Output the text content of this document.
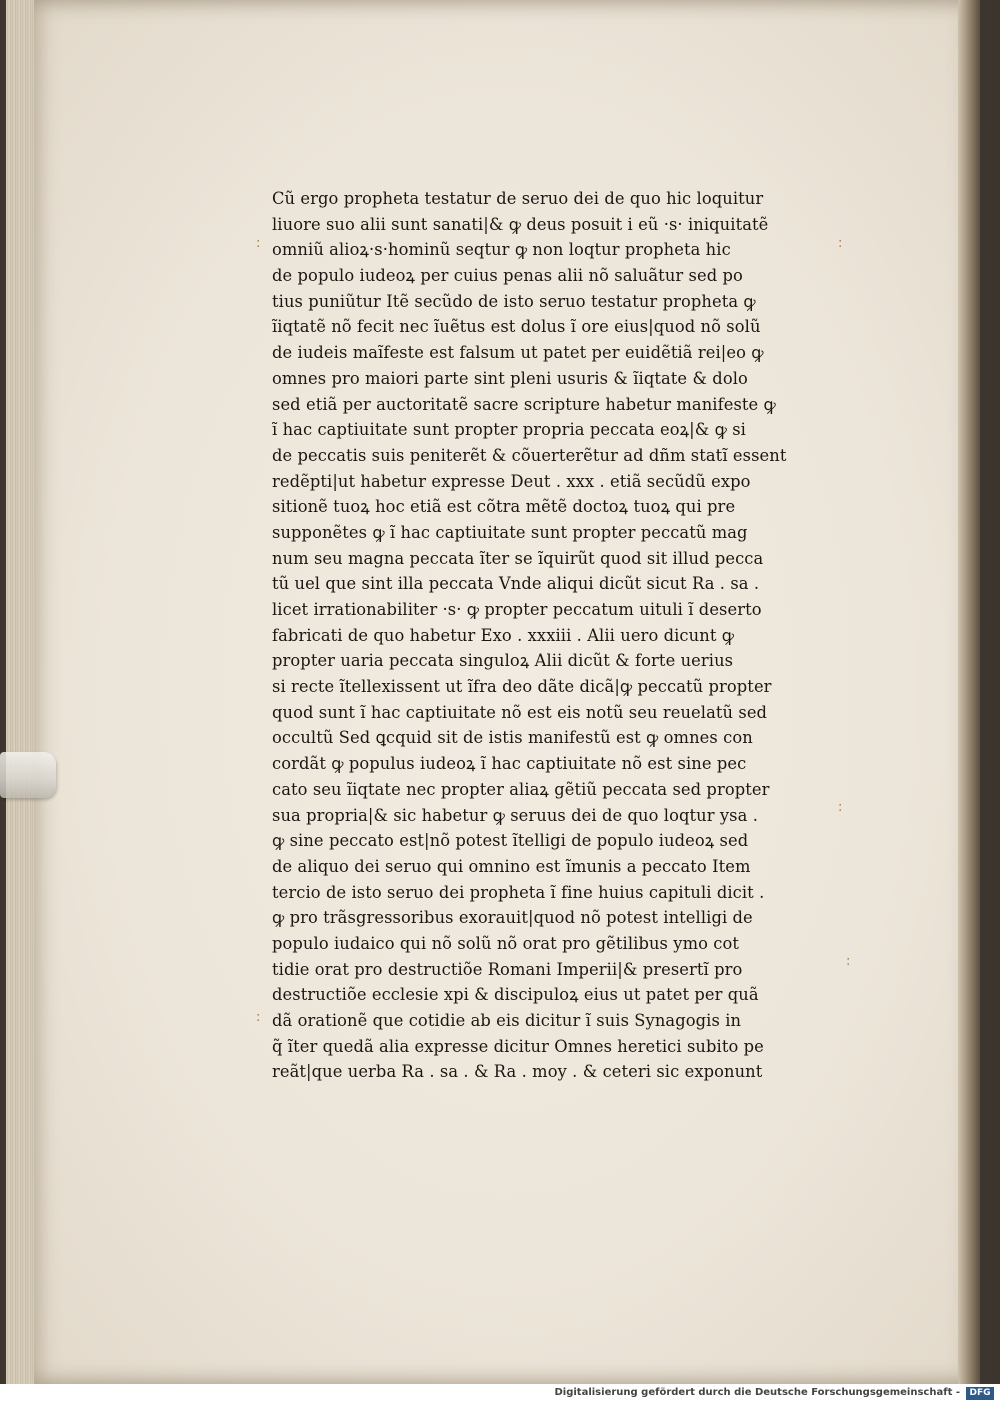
Cũ ergo propheta testatur de seruo dei de quo hic loquitur
liuore suo alii sunt sanati|& ꝙ deus posuit i eũ ·s· iniquitatẽ
omniũ alioꝝ·s·hominũ seqtur ꝙ non loqtur propheta hic
de populo iudeoꝝ per cuius penas alii nõ saluãtur sed po
tius puniũtur Itẽ secũdo de isto seruo testatur propheta ꝙ
ĩiqtatẽ nõ fecit nec ĩuẽtus est dolus ĩ ore eius|quod nõ solũ
de iudeis maĩfeste est falsum ut patet per euidẽtiã rei|eo ꝙ
omnes pro maiori parte sint pleni usuris & ĩiqtate & dolo
sed etiã per auctoritatẽ sacre scripture habetur manifeste ꝙ
ĩ hac captiuitate sunt propter propria peccata eoꝝ|& ꝙ si
de peccatis suis peniterẽt & cõuerterẽtur ad dñm statĩ essent
redẽpti|ut habetur expresse Deut . xxx . etiã secũdũ expo
sitionẽ tuoꝝ hoc etiã est cõtra mẽtẽ doctoꝝ tuoꝝ qui pre
supponẽtes ꝙ ĩ hac captiuitate sunt propter peccatũ mag
num seu magna peccata ĩter se ĩquirũt quod sit illud pecca
tũ uel que sint illa peccata Vnde aliqui dicũt sicut Ra . sa .
licet irrationabiliter ·s· ꝙ propter peccatum uituli ĩ deserto
fabricati de quo habetur Exo . xxxiii . Alii uero dicunt ꝙ
propter uaria peccata singuloꝝ Alii dicũt & forte uerius
si recte ĩtellexissent ut ĩfra deo dãte dicã|ꝙ peccatũ propter
quod sunt ĩ hac captiuitate nõ est eis notũ seu reuelatũ sed
occultũ Sed ꝗcquid sit de istis manifestũ est ꝙ omnes con
cordãt ꝙ populus iudeoꝝ ĩ hac captiuitate nõ est sine pec
cato seu ĩiqtate nec propter aliaꝝ gẽtiũ peccata sed propter
sua propria|& sic habetur ꝙ seruus dei de quo loqtur ysa .
ꝙ sine peccato est|nõ potest ĩtelligi de populo iudeoꝝ sed
de aliquo dei seruo qui omnino est ĩmunis a peccato Item
tercio de isto seruo dei propheta ĩ fine huius capituli dicit .
ꝙ pro trãsgressoribus exorauit|quod nõ potest intelligi de
populo iudaico qui nõ solũ nõ orat pro gẽtilibus ymo cot
tidie orat pro destructiõe Romani Imperii|& presertĩ pro
destructiõe ecclesie xpi & discipuloꝝ eius ut patet per quã
dã orationẽ que cotidie ab eis dicitur ĩ suis Synagogis in
q̃ ĩter quedã alia expresse dicitur Omnes heretici subito pe
reãt|que uerba Ra . sa . & Ra . moy . & ceteri sic exponunt
:	:
:
:
:
Digitalisierung gefördert durch die Deutsche Forschungsgemeinschaft -	DFG
